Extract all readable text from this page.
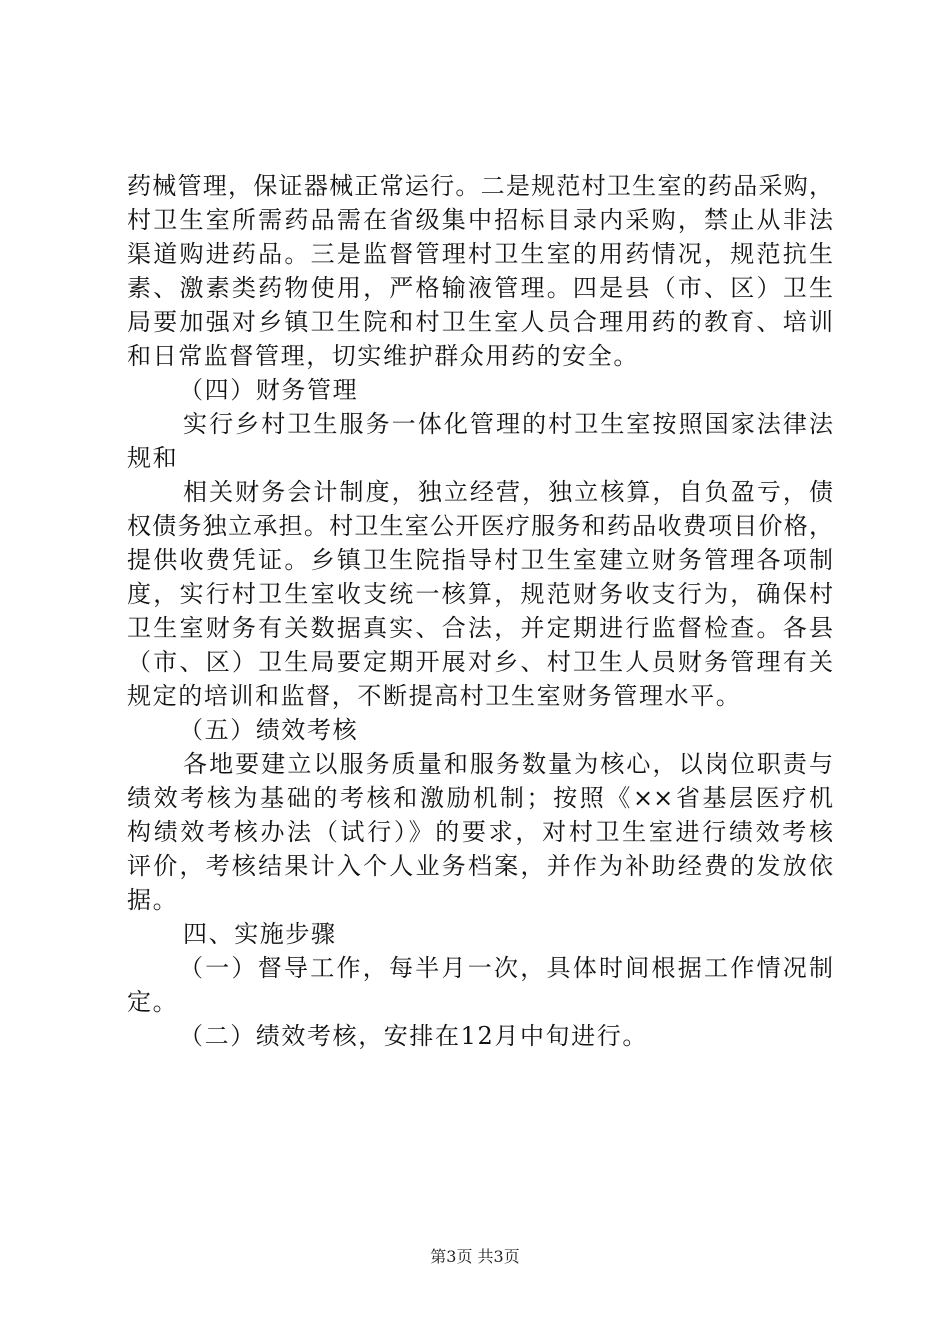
药械管理，保证器械正常运行。二是规范村卫生室的药品采购，
村卫生室所需药品需在省级集中招标目录内采购，禁止从非法
渠道购进药品。三是监督管理村卫生室的用药情况，规范抗生
素、激素类药物使用，严格输液管理。四是县（市、区）卫生
局要加强对乡镇卫生院和村卫生室人员合理用药的教育、培训
和日常监督管理，切实维护群众用药的安全。
（四）财务管理
实行乡村卫生服务一体化管理的村卫生室按照国家法律法
规和
相关财务会计制度，独立经营，独立核算，自负盈亏，债
权债务独立承担。村卫生室公开医疗服务和药品收费项目价格，
提供收费凭证。乡镇卫生院指导村卫生室建立财务管理各项制
度，实行村卫生室收支统一核算，规范财务收支行为，确保村
卫生室财务有关数据真实、合法，并定期进行监督检查。各县
（市、区）卫生局要定期开展对乡、村卫生人员财务管理有关
规定的培训和监督，不断提高村卫生室财务管理水平。
（五）绩效考核
各地要建立以服务质量和服务数量为核心，以岗位职责与
绩效考核为基础的考核和激励机制；按照《××省基层医疗机
构绩效考核办法（试行）》的要求，对村卫生室进行绩效考核
评价，考核结果计入个人业务档案，并作为补助经费的发放依
据。
四、实施步骤
（一）督导工作，每半月一次，具体时间根据工作情况制
定。
（二）绩效考核，安排在12月中旬进行。
第3页 共3页
